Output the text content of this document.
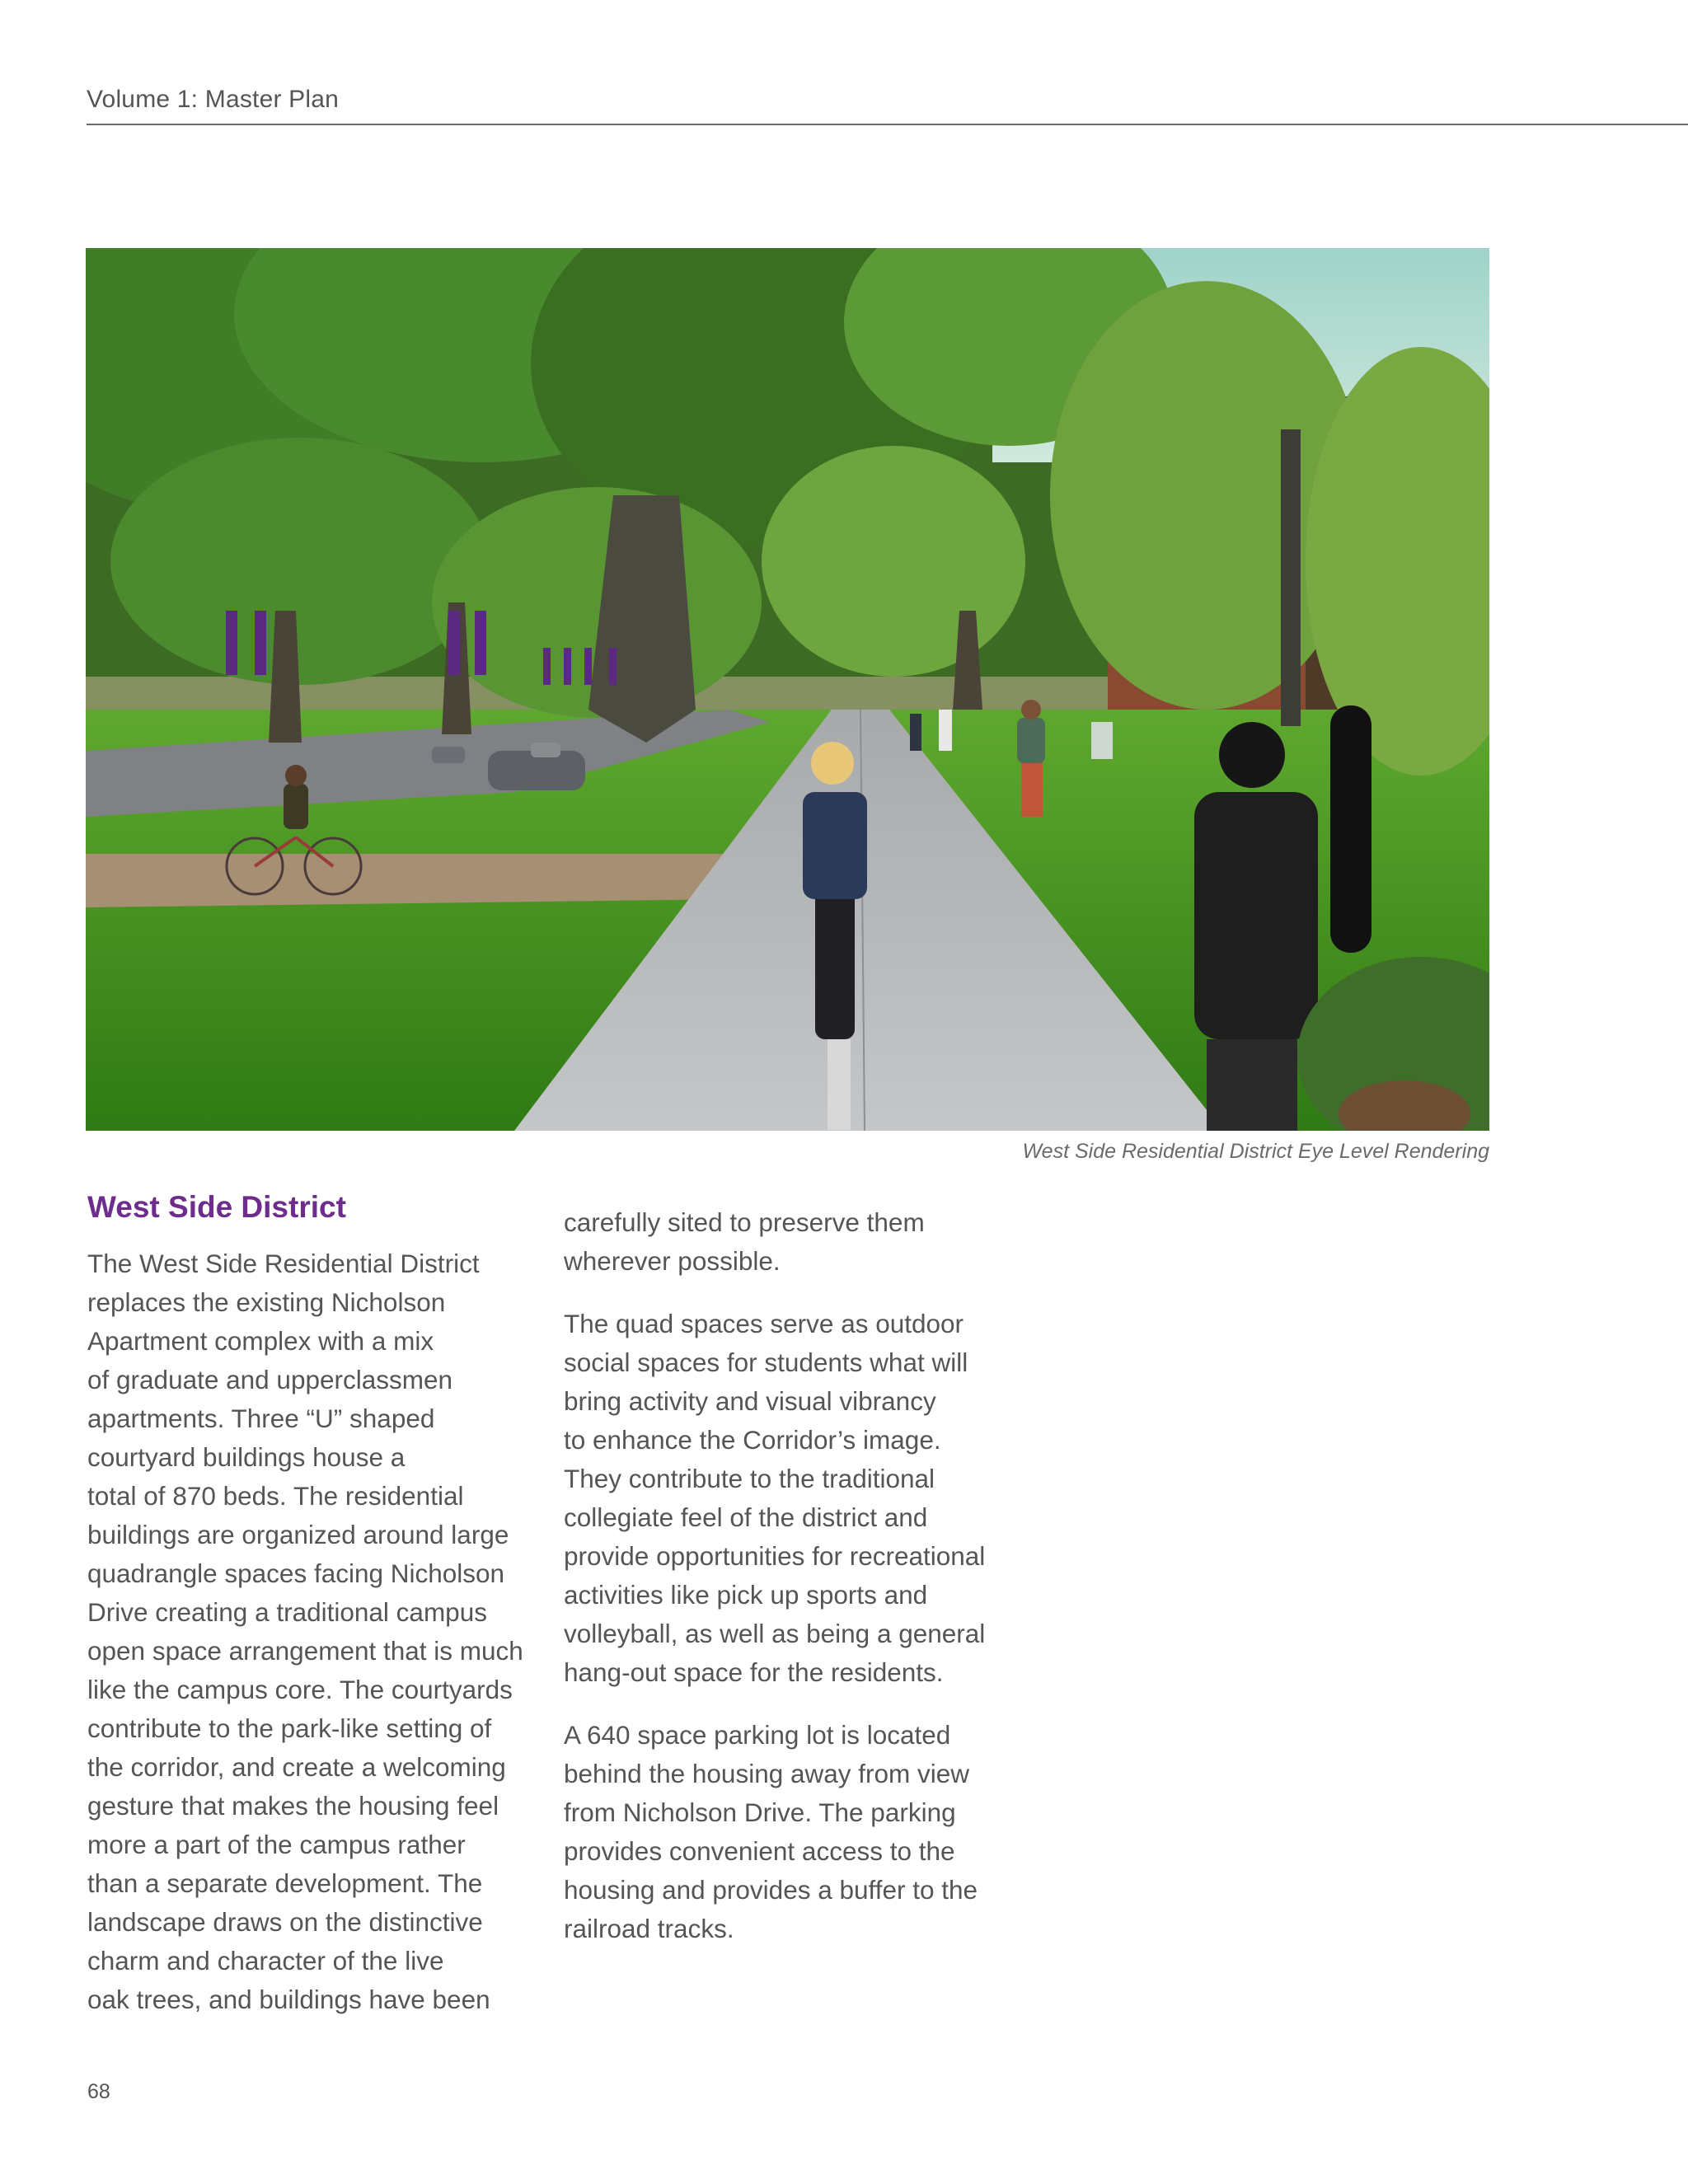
Volume 1: Master Plan
West Side Residential District Eye Level Rendering
West Side District

The West Side Residential District
replaces the existing Nicholson
Apartment complex with a mix
of graduate and upperclassmen
apartments. Three “U” shaped
courtyard buildings house a
total of 870 beds. The residential
buildings are organized around large
quadrangle spaces facing Nicholson
Drive creating a traditional campus
open space arrangement that is much
like the campus core. The courtyards
contribute to the park-like setting of
the corridor, and create a welcoming
gesture that makes the housing feel
more a part of the campus rather
than a separate development. The
landscape draws on the distinctive
charm and character of the live
oak trees, and buildings have been

carefully sited to preserve them
wherever possible.

The quad spaces serve as outdoor
social spaces for students what will
bring activity and visual vibrancy
to enhance the Corridor’s image.
They contribute to the traditional
collegiate feel of the district and
provide opportunities for recreational
activities like pick up sports and
volleyball, as well as being a general
hang-out space for the residents.

A 640 space parking lot is located
behind the housing away from view
from Nicholson Drive. The parking
provides convenient access to the
housing and provides a buffer to the
railroad tracks.

68
